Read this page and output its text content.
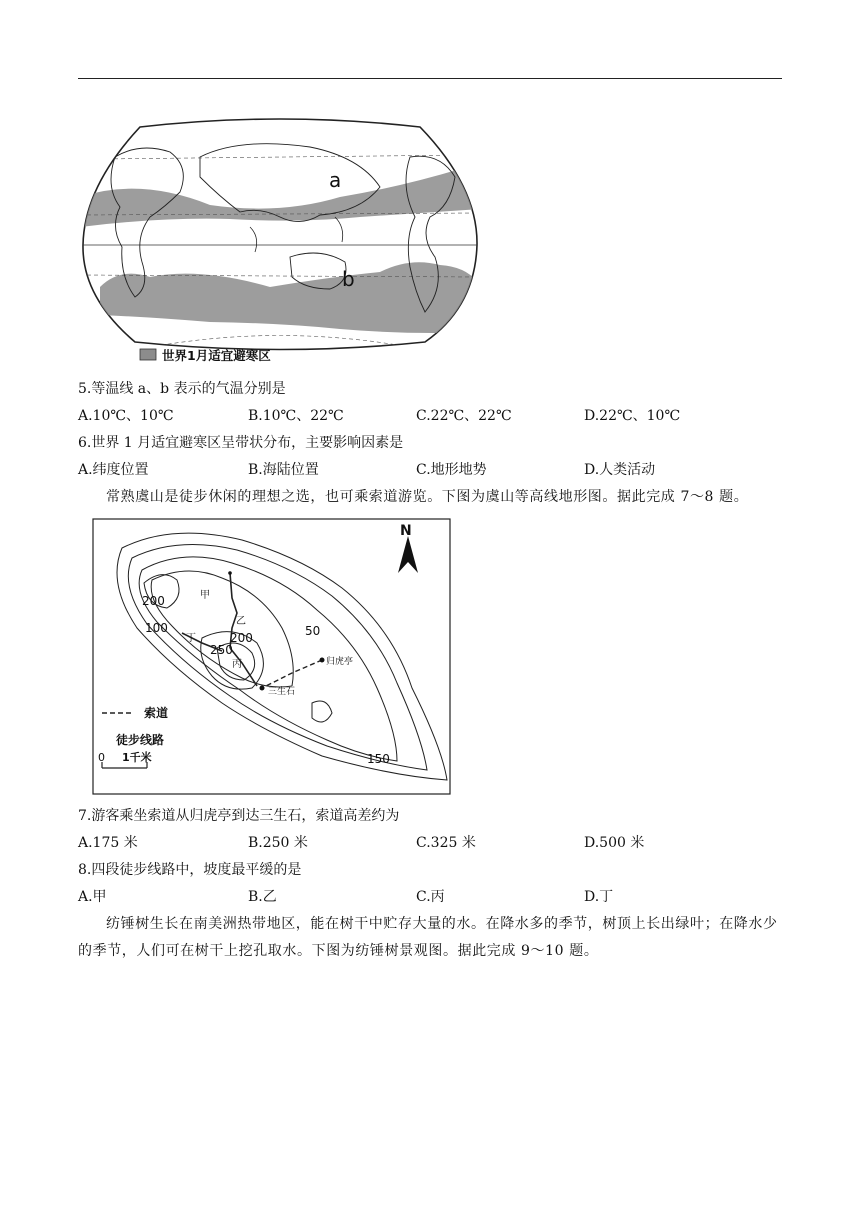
a
b
世界1月适宜避寒区
5.等温线 a、b 表示的气温分别是
A.10℃、10℃	B.10℃、22℃	C.22℃、22℃	D.22℃、10℃
6.世界 1 月适宜避寒区呈带状分布，主要影响因素是
A.纬度位置	B.海陆位置	C.地形地势	D.人类活动
常熟虞山是徒步休闲的理想之选，也可乘索道游览。下图为虞山等高线地形图。据此完成 7～8 题。
N
200
100
200
250
50
150
甲
乙
丙
丁
归虎亭
三生石
索道
徒步线路
0 1千米
7.游客乘坐索道从归虎亭到达三生石，索道高差约为
A.175 米	B.250 米	C.325 米	D.500 米
8.四段徒步线路中，坡度最平缓的是
A.甲	B.乙	C.丙	D.丁
纺锤树生长在南美洲热带地区，能在树干中贮存大量的水。在降水多的季节，树顶上长出绿叶；在降水少的季节，人们可在树干上挖孔取水。下图为纺锤树景观图。据此完成 9～10 题。
